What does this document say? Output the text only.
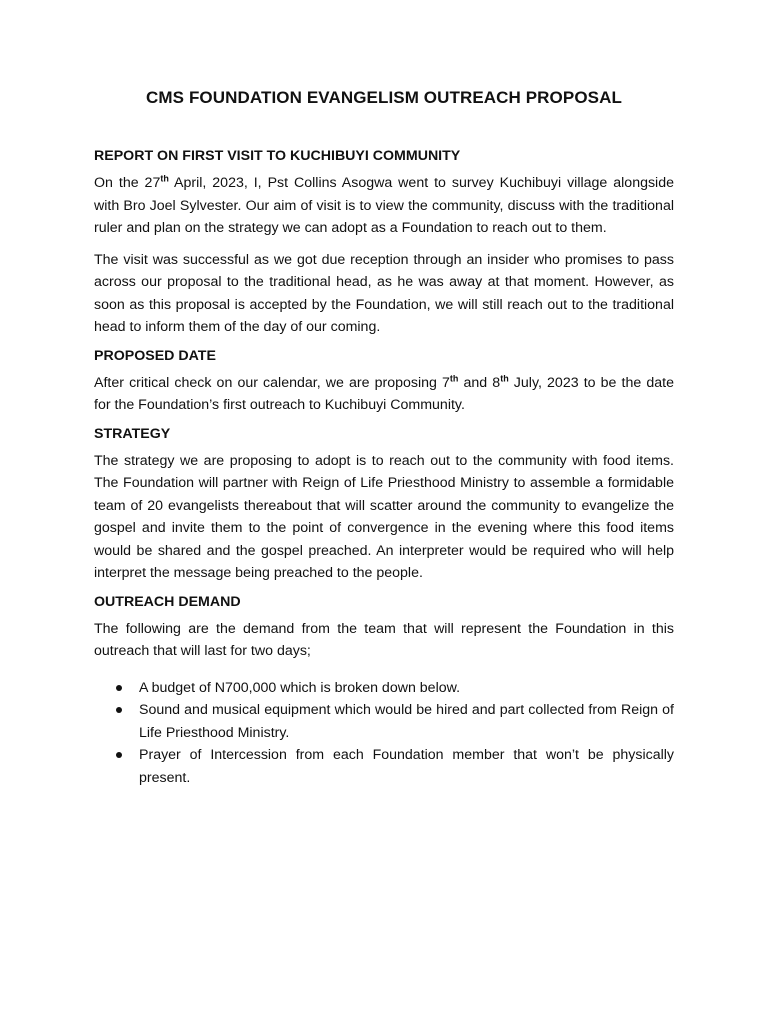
CMS FOUNDATION EVANGELISM OUTREACH PROPOSAL
REPORT ON FIRST VISIT TO KUCHIBUYI COMMUNITY

On the 27th April, 2023, I, Pst Collins Asogwa went to survey Kuchibuyi village alongside with Bro Joel Sylvester. Our aim of visit is to view the community, discuss with the traditional ruler and plan on the strategy we can adopt as a Foundation to reach out to them.

The visit was successful as we got due reception through an insider who promises to pass across our proposal to the traditional head, as he was away at that moment. However, as soon as this proposal is accepted by the Foundation, we will still reach out to the traditional head to inform them of the day of our coming.

PROPOSED DATE

After critical check on our calendar, we are proposing 7th and 8th July, 2023 to be the date for the Foundation’s first outreach to Kuchibuyi Community.

STRATEGY

The strategy we are proposing to adopt is to reach out to the community with food items. The Foundation will partner with Reign of Life Priesthood Ministry to assemble a formidable team of 20 evangelists thereabout that will scatter around the community to evangelize the gospel and invite them to the point of convergence in the evening where this food items would be shared and the gospel preached. An interpreter would be required who will help interpret the message being preached to the people.

OUTREACH DEMAND

The following are the demand from the team that will represent the Foundation in this outreach that will last for two days;

A budget of N700,000 which is broken down below.
Sound and musical equipment which would be hired and part collected from Reign of Life Priesthood Ministry.
Prayer of Intercession from each Foundation member that won’t be physically present.
